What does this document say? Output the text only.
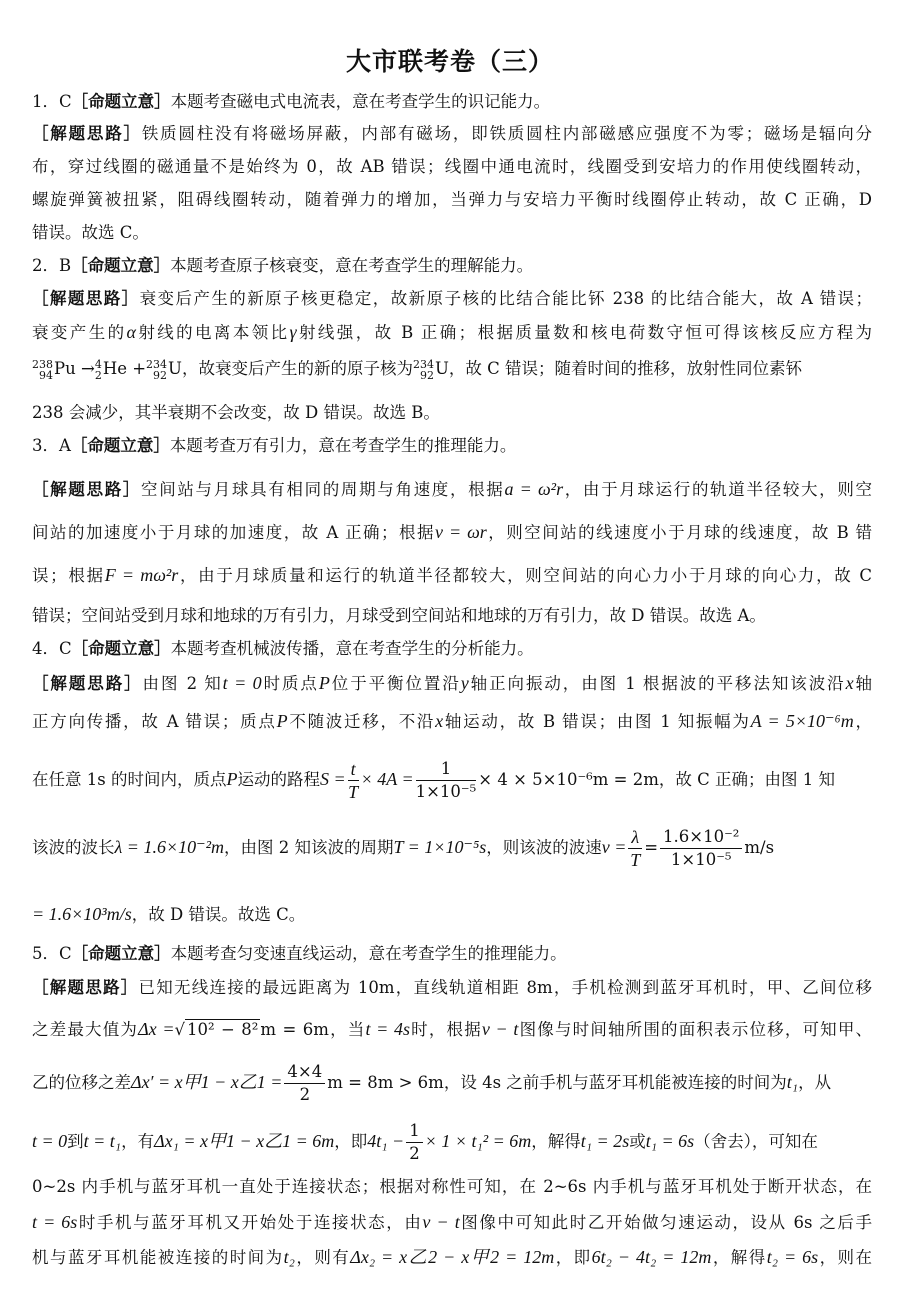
大市联考卷（三）
1．C［命题立意］本题考查磁电式电流表，意在考查学生的识记能力。
［解题思路］铁质圆柱没有将磁场屏蔽，内部有磁场，即铁质圆柱内部磁感应强度不为零；磁场是辐向分
布，穿过线圈的磁通量不是始终为 0，故 AB 错误；线圈中通电流时，线圈受到安培力的作用使线圈转动，
螺旋弹簧被扭紧，阻碍线圈转动，随着弹力的增加，当弹力与安培力平衡时线圈停止转动，故 C 正确，D
错误。故选 C。
2．B［命题立意］本题考查原子核衰变，意在考查学生的理解能力。
［解题思路］衰变后产生的新原子核更稳定，故新原子核的比结合能比钚 238 的比结合能大，故 A 错误；
衰变产生的α射线的电离本领比γ射线强，故 B 正确；根据质量数和核电荷数守恒可得该核反应方程为
238
94 Pu → 4
2 He + 234
92 U，故衰变后产生的新的原子核为 234
92 U，故 C 错误；随着时间的推移，放射性同位素钚
238 会减少，其半衰期不会改变，故 D 错误。故选 B。
3．A［命题立意］本题考查万有引力，意在考查学生的推理能力。
［解题思路］空间站与月球具有相同的周期与角速度，根据a = ω²r，由于月球运行的轨道半径较大，则空
间站的加速度小于月球的加速度，故 A 正确；根据v = ωr，则空间站的线速度小于月球的线速度，故 B 错
误；根据F = mω²r，由于月球质量和运行的轨道半径都较大，则空间站的向心力小于月球的向心力，故 C
错误；空间站受到月球和地球的万有引力，月球受到空间站和地球的万有引力，故 D 错误。故选 A。
4．C［命题立意］本题考查机械波传播，意在考查学生的分析能力。
［解题思路］由图 2 知t = 0时质点P位于平衡位置沿y轴正向振动，由图 1 根据波的平移法知该波沿x轴
正方向传播，故 A 错误；质点P不随波迁移，不沿x轴运动，故 B 错误；由图 1 知振幅为A = 5×10⁻⁶m，
在任意 1s 的时间内，质点P运动的路程$S = \frac{t}{T} \times 4A = \frac{1}{\text{1×10⁻⁵}} \times 4 \times 5\times 10^{-6}m = 2m$，故 C 正确；由图 1 知
该波的波长λ = 1.6×10⁻²m，由图 2 知该波的周期T = 1×10⁻⁵s，则该波的波速$v = \frac{\lambda}{T} = \frac{\text{1.6×10⁻²}}{\text{1×10⁻⁵}} m/s$
= 1.6×10³m/s，故 D 错误。故选 C。
5．C［命题立意］本题考查匀变速直线运动，意在考查学生的推理能力。
［解题思路］已知无线连接的最远距离为 10m，直线轨道相距 8m，手机检测到蓝牙耳机时，甲、乙间位移
之差最大值为Δx =√ 10² − 8² m = 6m，当t = 4s时，根据v − t图像与时间轴所围的面积表示位移，可知甲、
乙的位移之差Δx′ = x甲1 − x乙$1 = \frac{4\times 4}{2}$ m = 8m > 6m，设 4s 之前手机与蓝牙耳机能被连接的时间为t₁，从
t = 0到t = t₁，有Δx₁ = x甲1 − x乙1 = 6m，即$4t_1 - \frac{1}{2} \times 1 \times t_1^2 = 6m$，解得t₁ = 2s或t₁ = 6s（舍去），可知在
0~2s 内手机与蓝牙耳机一直处于连接状态；根据对称性可知，在 2~6s 内手机与蓝牙耳机处于断开状态，在
t = 6s时手机与蓝牙耳机又开始处于连接状态，由v − t图像中可知此时乙开始做匀速运动，设从 6s 之后手
机与蓝牙耳机能被连接的时间为t₂，则有Δx₂ = x乙2 − x甲2 = 12m，即6t₂ − 4t₂ = 12m，解得t₂ = 6s，则在
